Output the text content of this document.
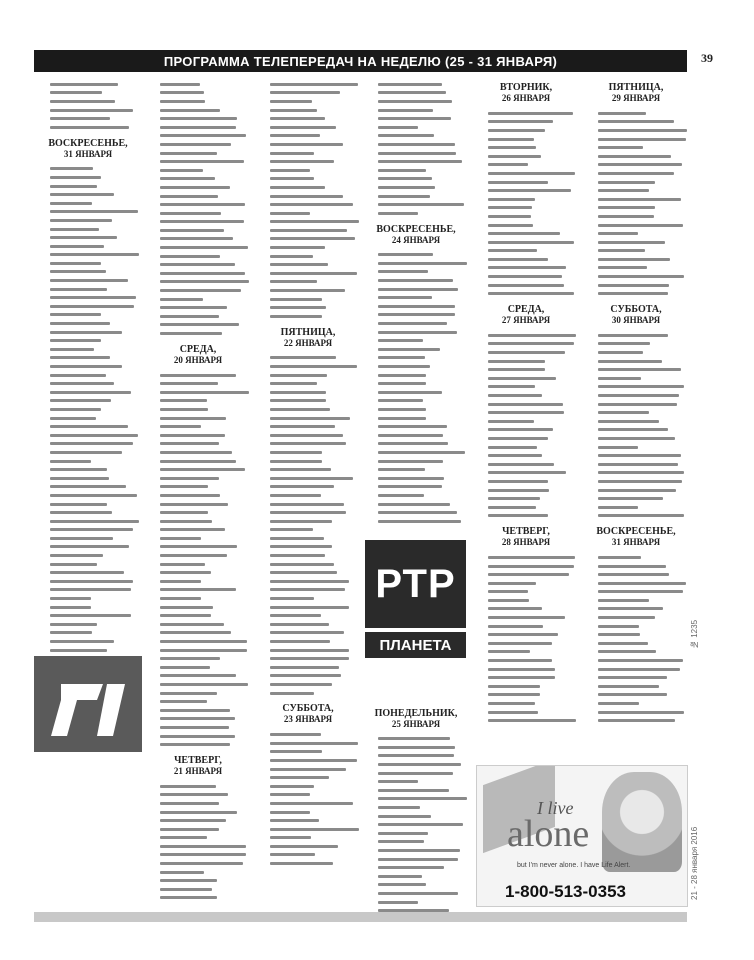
ПРОГРАММА ТЕЛЕПЕРЕДАЧ НА НЕДЕЛЮ (25 - 31 ЯНВАРЯ)	39
ВОСКРЕСЕНЬЕ,
31 ЯНВАРЯ
СРЕДА,
20 ЯНВАРЯ
ЧЕТВЕРГ,
21 ЯНВАРЯ
ПЯТНИЦА,
22 ЯНВАРЯ
СУББОТА,
23 ЯНВАРЯ
ВОСКРЕСЕНЬЕ,
24 ЯНВАРЯ
ПОНЕДЕЛЬНИК,
25 ЯНВАРЯ
ВТОРНИК,
26 ЯНВАРЯ
СРЕДА,
27 ЯНВАРЯ
ЧЕТВЕРГ,
28 ЯНВАРЯ
ПЯТНИЦА,
29 ЯНВАРЯ
СУББОТА,
30 ЯНВАРЯ
ВОСКРЕСЕНЬЕ,
31 ЯНВАРЯ
РТР
ПЛАНЕТА
I live
alone
but I'm never alone. I have Life Alert.
1-800-513-0353	21 - 28 января 2016
№ 1235
